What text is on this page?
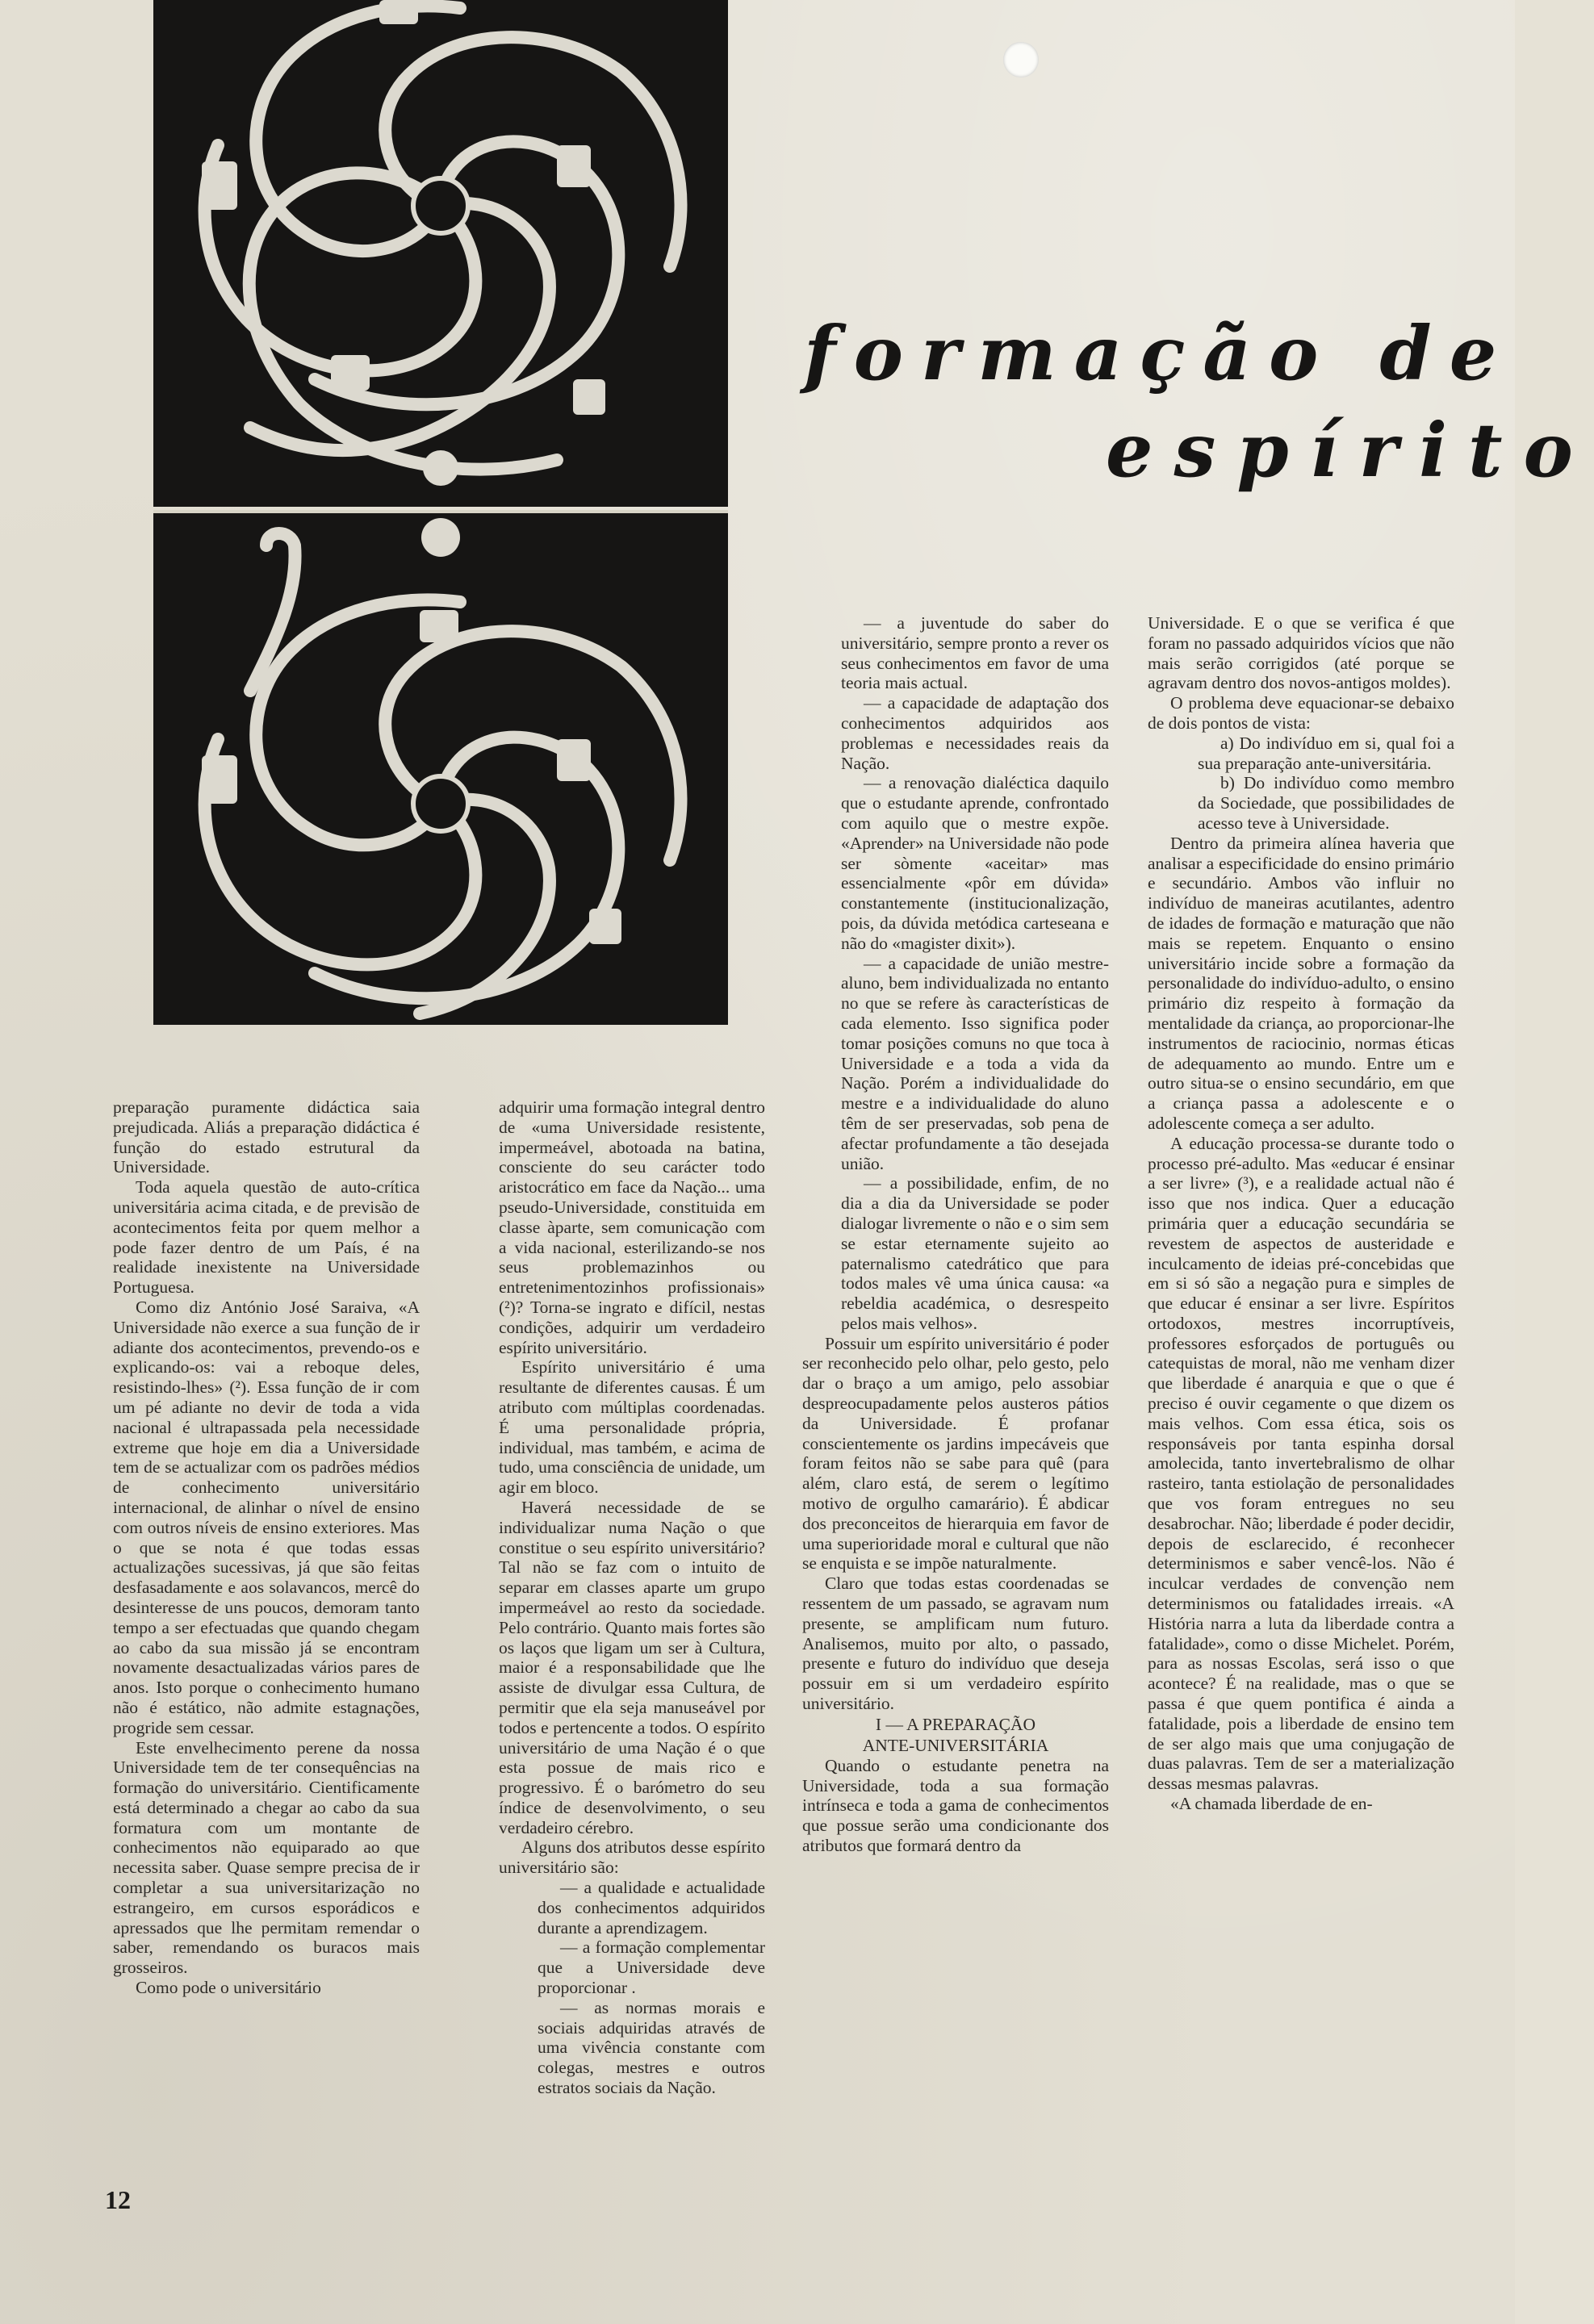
formação de
espírito

preparação puramente didáctica saia prejudicada. Aliás a preparação didáctica é função do estado estrutural da Universidade.

Toda aquela questão de auto-crítica universitária acima citada, e de previsão de acontecimentos feita por quem melhor a pode fazer dentro de um País, é na realidade inexistente na Universidade Portuguesa.

Como diz António José Saraiva, «A Universidade não exerce a sua função de ir adiante dos acontecimentos, prevendo-os e explicando-os: vai a reboque deles, resistindo-lhes» (²). Essa função de ir com um pé adiante no devir de toda a vida nacional é ultrapassada pela necessidade extreme que hoje em dia a Universidade tem de se actualizar com os padrões médios de conhecimento universitário internacional, de alinhar o nível de ensino com outros níveis de ensino exteriores. Mas o que se nota é que todas essas actualizações sucessivas, já que são feitas desfasadamente e aos solavancos, mercê do desinteresse de uns poucos, demoram tanto tempo a ser efectuadas que quando chegam ao cabo da sua missão já se encontram novamente desactualizadas vários pares de anos. Isto porque o conhecimento humano não é estático, não admite estagnações, progride sem cessar.

Este envelhecimento perene da nossa Universidade tem de ter consequências na formação do universitário. Cientificamente está determinado a chegar ao cabo da sua formatura com um montante de conhecimentos não equiparado ao que necessita saber. Quase sempre precisa de ir completar a sua universitarização no estrangeiro, em cursos esporádicos e apressados que lhe permitam remendar o saber, remendando os buracos mais grosseiros.

Como pode o universitário

adquirir uma formação integral dentro de «uma Universidade resistente, impermeável, abotoada na batina, consciente do seu carácter todo aristocrático em face da Nação... uma pseudo-Universidade, constituida em classe àparte, sem comunicação com a vida nacional, esterilizando-se nos seus problemazinhos ou entretenimentozinhos profissionais» (²)? Torna-se ingrato e difícil, nestas condições, adquirir um verdadeiro espírito universitário.

Espírito universitário é uma resultante de diferentes causas. É um atributo com múltiplas coordenadas. É uma personalidade própria, individual, mas também, e acima de tudo, uma consciência de unidade, um agir em bloco.

Haverá necessidade de se individualizar numa Nação o que constitue o seu espírito universitário? Tal não se faz com o intuito de separar em classes aparte um grupo impermeável ao resto da sociedade. Pelo contrário. Quanto mais fortes são os laços que ligam um ser à Cultura, maior é a responsabilidade que lhe assiste de divulgar essa Cultura, de permitir que ela seja manuseável por todos e pertencente a todos. O espírito universitário de uma Nação é o que esta possue de mais rico e progressivo. É o barómetro do seu índice de desenvolvimento, o seu verdadeiro cérebro.

Alguns dos atributos desse espírito universitário são:

— a qualidade e actualidade dos conhecimentos adquiridos durante a aprendizagem.

— a formação complementar que a Universidade deve proporcionar .

— as normas morais e sociais adquiridas através de uma vivência constante com colegas, mestres e outros estratos sociais da Nação.

— a juventude do saber do universitário, sempre pronto a rever os seus conhecimentos em favor de uma teoria mais actual.

— a capacidade de adaptação dos conhecimentos adquiridos aos problemas e necessidades reais da Nação.

— a renovação dialéctica daquilo que o estudante aprende, confrontado com aquilo que o mestre expõe. «Aprender» na Universidade não pode ser sòmente «aceitar» mas essencialmente «pôr em dúvida» constantemente (institucionalização, pois, da dúvida metódica carteseana e não do «magister dixit»).

— a capacidade de união mestre-aluno, bem individualizada no entanto no que se refere às características de cada elemento. Isso significa poder tomar posições comuns no que toca à Universidade e a toda a vida da Nação. Porém a individualidade do mestre e a individualidade do aluno têm de ser preservadas, sob pena de afectar profundamente a tão desejada união.

— a possibilidade, enfim, de no dia a dia da Universidade se poder dialogar livremente o não e o sim sem se estar eternamente sujeito ao paternalismo catedrático que para todos males vê uma única causa: «a rebeldia académica, o desrespeito pelos mais velhos».

Possuir um espírito universitário é poder ser reconhecido pelo olhar, pelo gesto, pelo dar o braço a um amigo, pelo assobiar despreocupadamente pelos austeros pátios da Universidade. É profanar conscientemente os jardins impecáveis que foram feitos não se sabe para quê (para além, claro está, de serem o legítimo motivo de orgulho camarário). É abdicar dos preconceitos de hierarquia em favor de uma superioridade moral e cultural que não se enquista e se impõe naturalmente.

Claro que todas estas coordenadas se ressentem de um passado, se agravam num presente, se amplificam num futuro. Analisemos, muito por alto, o passado, presente e futuro do indivíduo que deseja possuir em si um verdadeiro espírito universitário.

I — A PREPARAÇÃO
ANTE-UNIVERSITÁRIA

Quando o estudante penetra na Universidade, toda a sua formação intrínseca e toda a gama de conhecimentos que possue serão uma condicionante dos atributos que formará dentro da

Universidade. E o que se verifica é que foram no passado adquiridos vícios que não mais serão corrigidos (até porque se agravam dentro dos novos-antigos moldes).

O problema deve equacionar-se debaixo de dois pontos de vista:

a) Do indivíduo em si, qual foi a sua preparação ante-universitária.

b) Do indivíduo como membro da Sociedade, que possibilidades de acesso teve à Universidade.

Dentro da primeira alínea haveria que analisar a especificidade do ensino primário e secundário. Ambos vão influir no indivíduo de maneiras acutilantes, adentro de idades de formação e maturação que não mais se repetem. Enquanto o ensino universitário incide sobre a formação da personalidade do indivíduo-adulto, o ensino primário diz respeito à formação da mentalidade da criança, ao proporcionar-lhe instrumentos de raciocinio, normas éticas de adequamento ao mundo. Entre um e outro situa-se o ensino secundário, em que a criança passa a adolescente e o adolescente começa a ser adulto.

A educação processa-se durante todo o processo pré-adulto. Mas «educar é ensinar a ser livre» (³), e a realidade actual não é isso que nos indica. Quer a educação primária quer a educação secundária se revestem de aspectos de austeridade e inculcamento de ideias pré-concebidas que em si só são a negação pura e simples de que educar é ensinar a ser livre. Espíritos ortodoxos, mestres incorruptíveis, professores esforçados de português ou catequistas de moral, não me venham dizer que liberdade é anarquia e que o que é preciso é ouvir cegamente o que dizem os mais velhos. Com essa ética, sois os responsáveis por tanta espinha dorsal amolecida, tanto invertebralismo de olhar rasteiro, tanta estiolação de personalidades que vos foram entregues no seu desabrochar. Não; liberdade é poder decidir, depois de esclarecido, é reconhecer determinismos e saber vencê-los. Não é inculcar verdades de convenção nem determinismos ou fatalidades irreais. «A História narra a luta da liberdade contra a fatalidade», como o disse Michelet. Porém, para as nossas Escolas, será isso o que acontece? É na realidade, mas o que se passa é que quem pontifica é ainda a fatalidade, pois a liberdade de ensino tem de ser algo mais que uma conjugação de duas palavras. Tem de ser a materialização dessas mesmas palavras.

«A chamada liberdade de en-

12
